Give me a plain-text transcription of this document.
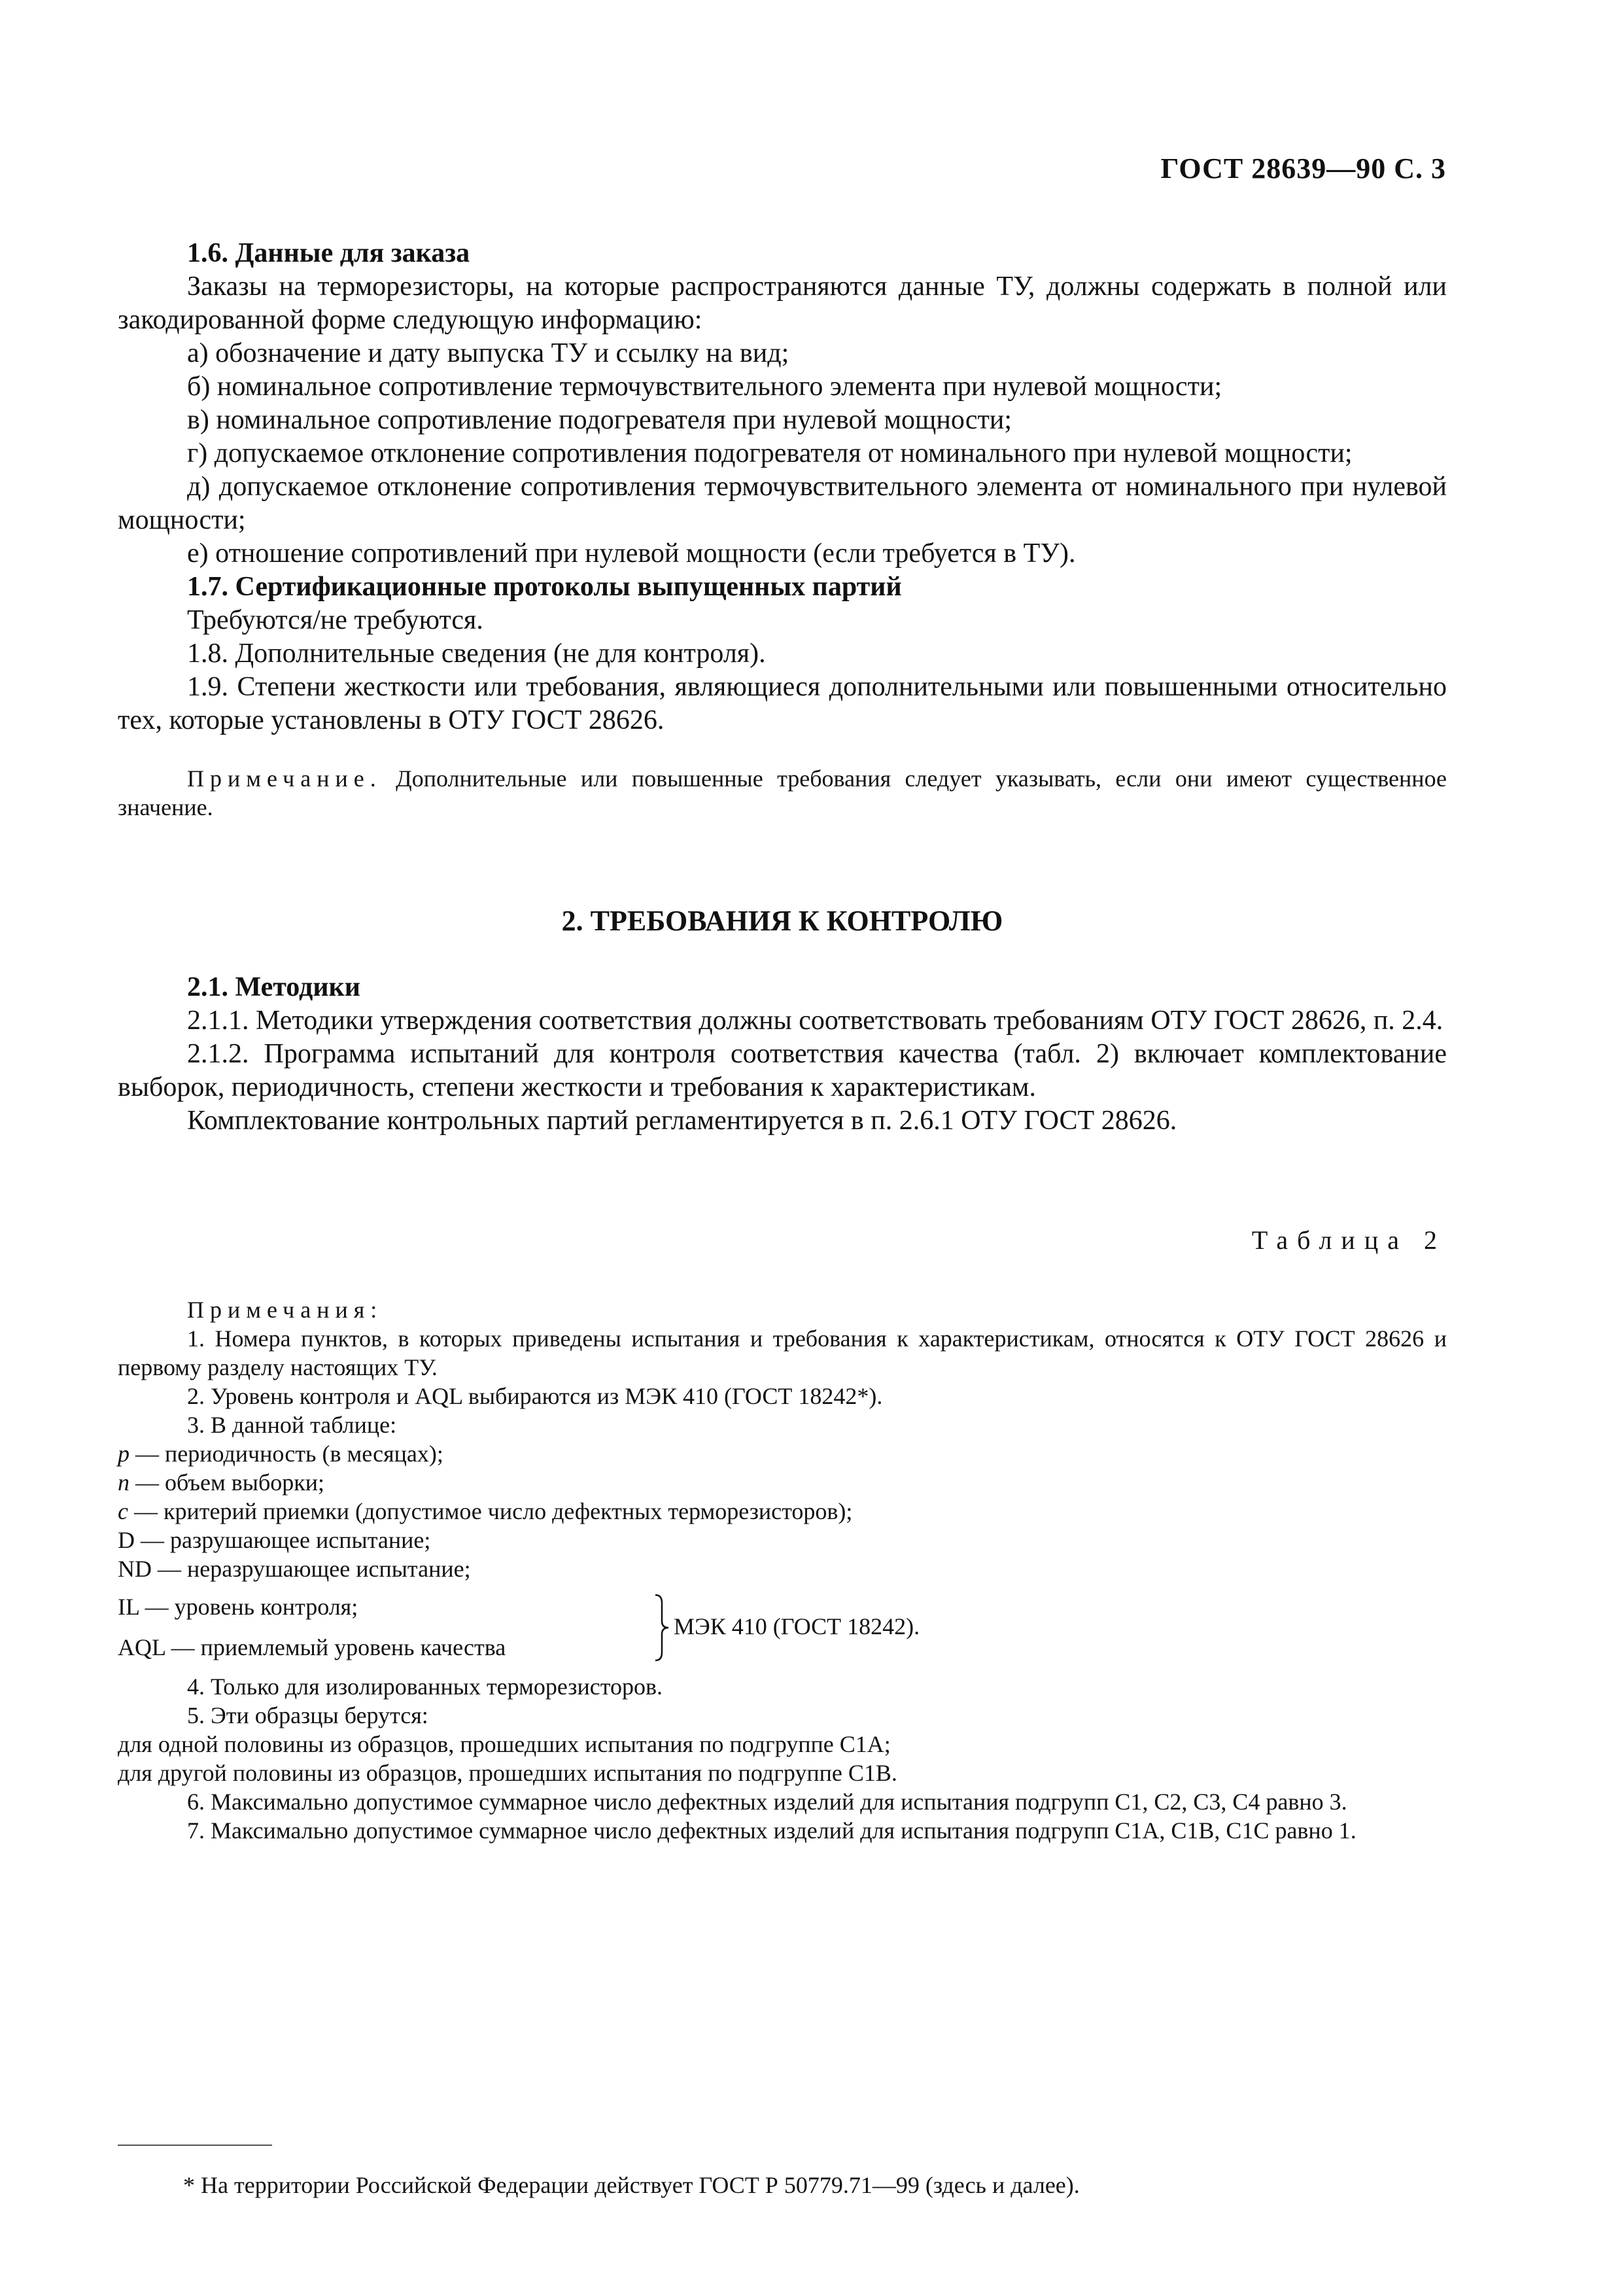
ГОСТ 28639—90 С. 3

1.6. Данные для заказа

Заказы на терморезисторы, на которые распространяются данные ТУ, должны содержать в полной или закодированной форме следующую информацию:

а) обозначение и дату выпуска ТУ и ссылку на вид;

б) номинальное сопротивление термочувствительного элемента при нулевой мощности;

в) номинальное сопротивление подогревателя при нулевой мощности;

г) допускаемое отклонение сопротивления подогревателя от номинального при нулевой мощности;

д) допускаемое отклонение сопротивления термочувствительного элемента от номинального при нулевой мощности;

е) отношение сопротивлений при нулевой мощности (если требуется в ТУ).

1.7. Сертификационные протоколы выпущенных партий

Требуются/не требуются.

1.8. Дополнительные сведения (не для контроля).

1.9. Степени жесткости или требования, являющиеся дополнительными или повышенными относительно тех, которые установлены в ОТУ ГОСТ 28626.

Примечание. Дополнительные или повышенные требования следует указывать, если они имеют существенное значение.

2. ТРЕБОВАНИЯ К КОНТРОЛЮ

2.1. Методики

2.1.1. Методики утверждения соответствия должны соответствовать требованиям ОТУ ГОСТ 28626, п. 2.4.

2.1.2. Программа испытаний для контроля соответствия качества (табл. 2) включает комплектование выборок, периодичность, степени жесткости и требования к характеристикам.

Комплектование контрольных партий регламентируется в п. 2.6.1 ОТУ ГОСТ 28626.

Таблица 2

Примечания:

1. Номера пунктов, в которых приведены испытания и требования к характеристикам, относятся к ОТУ ГОСТ 28626 и первому разделу настоящих ТУ.

2. Уровень контроля и AQL выбираются из МЭК 410 (ГОСТ 18242*).

3. В данной таблице:

p — периодичность (в месяцах);

n — объем выборки;

c — критерий приемки (допустимое число дефектных терморезисторов);

D — разрушающее испытание;

ND — неразрушающее испытание;

IL — уровень контроля;
AQL — приемлемый уровень качества
МЭК 410 (ГОСТ 18242).

4. Только для изолированных терморезисторов.

5. Эти образцы берутся:

для одной половины из образцов, прошедших испытания по подгруппе С1А;

для другой половины из образцов, прошедших испытания по подгруппе С1В.

6. Максимально допустимое суммарное число дефектных изделий для испытания подгрупп С1, С2, С3, С4 равно 3.

7. Максимально допустимое суммарное число дефектных изделий для испытания подгрупп С1А, С1В, С1С равно 1.

* На территории Российской Федерации действует ГОСТ Р 50779.71—99 (здесь и далее).
